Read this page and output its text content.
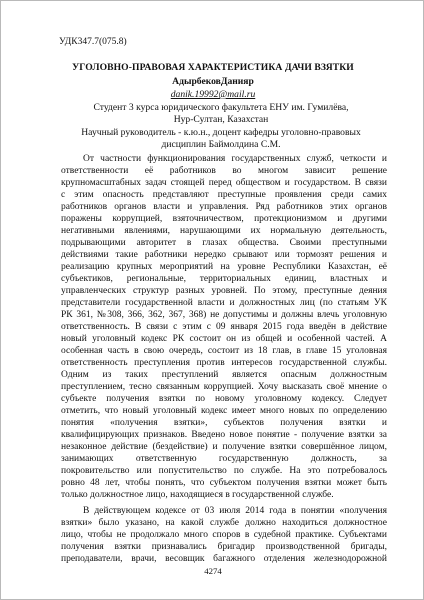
УДК347.7(075.8)
УГОЛОВНО-ПРАВОВАЯ ХАРАКТЕРИСТИКА ДАЧИ ВЗЯТКИ
АдырбековДанияр
danik.19992@mail.ru
Студент 3 курса юридического факультета ЕНУ им. Гумилёва,
Нур-Султан, Казахстан
Научный руководитель - к.ю.н., доцент кафедры уголовно-правовых
дисциплин Баймолдина С.М.
От частности функционирования государственных служб, четкости и
ответственности её работников во многом зависит решение
крупномасштабных задач стоящей перед обществом и государством. В связи
с этим опасность представляют преступные проявления среди самих
работников органов власти и управления. Ряд работников этих органов
поражены коррупцией, взяточничеством, протекционизмом и другими
негативными явлениями, нарушающими их нормальную деятельность,
подрывающими авторитет в глазах общества. Своими преступными
действиями такие работники нередко срывают или тормозят решения и
реализацию крупных мероприятий на уровне Республики Казахстан, её
субъектиков, региональные, территориальных единиц, властных и
управленческих структур разных уровней. По этому, преступные деяния
представители государственной власти и должностных лиц (по статьям УК
РК 361, №308, 366, 362, 367, 368) не допустимы и должны влечь уголовную
ответственность. В связи с этим с 09 января 2015 года введён в действие
новый уголовный кодекс РК состоит он из общей и особенной частей. А
особенная часть в свою очередь, состоит из 18 глав, в главе 15 уголовная
ответственность преступления против интересов государственной службы.
Одним из таких преступлений является опасным должностным
преступлением, тесно связанным коррупцией. Хочу высказать своё мнение о
субъекте получения взятки по новому уголовному кодексу. Следует
отметить, что новый уголовный кодекс имеет много новых по определению
понятия «получения взятки», субъектов получения взятки и
квалифицирующих признаков. Введено новое понятие - получение взятки за
незаконное действие (бездействие) и получение взятки совершённое лицом,
занимающих ответственную государственную должность, за
покровительство или попустительство по службе. На это потребовалось
ровно 48 лет, чтобы понять, что субъектом получения взятки может быть
только должностное лицо, находящиеся в государственной службе.
В действующем кодексе от 03 июля 2014 года в понятии «получения
взятки» было указано, на какой службе должно находиться должностное
лицо, чтобы не продолжало много споров в судебной практике. Субъектами
получения взятки признавались бригадир производственной бригады,
преподаватели, врачи, весовщик багажного отделения железнодорожной
4274
